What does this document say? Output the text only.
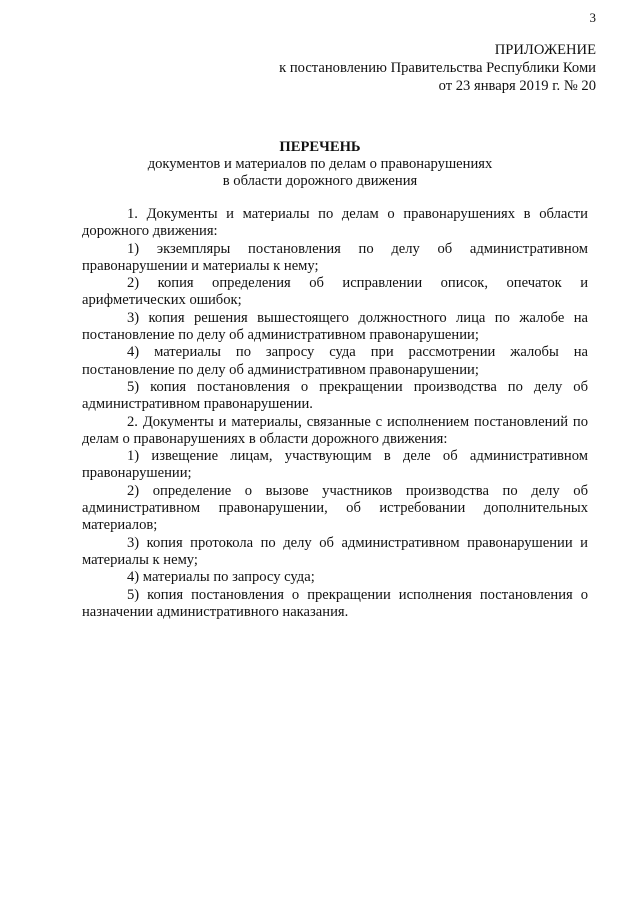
3
ПРИЛОЖЕНИЕ
к постановлению Правительства Республики Коми
от 23 января 2019 г. № 20
ПЕРЕЧЕНЬ
документов и материалов по делам о правонарушениях
в области дорожного движения

1. Документы и материалы по делам о правонарушениях в области дорожного движения:

1) экземпляры постановления по делу об административном правонарушении и материалы к нему;

2) копия определения об исправлении описок, опечаток и арифметических ошибок;

3) копия решения вышестоящего должностного лица по жалобе на постановление по делу об административном правонарушении;

4) материалы по запросу суда при рассмотрении жалобы на постановление по делу об административном правонарушении;

5) копия постановления о прекращении производства по делу об административном правонарушении.

2. Документы и материалы, связанные с исполнением постановлений по делам о правонарушениях в области дорожного движения:

1) извещение лицам, участвующим в деле об административном правонарушении;

2) определение о вызове участников производства по делу об административном правонарушении, об истребовании дополнительных материалов;

3) копия протокола по делу об административном правонарушении и материалы к нему;

4) материалы по запросу суда;

5) копия постановления о прекращении исполнения постановления о назначении административного наказания.
